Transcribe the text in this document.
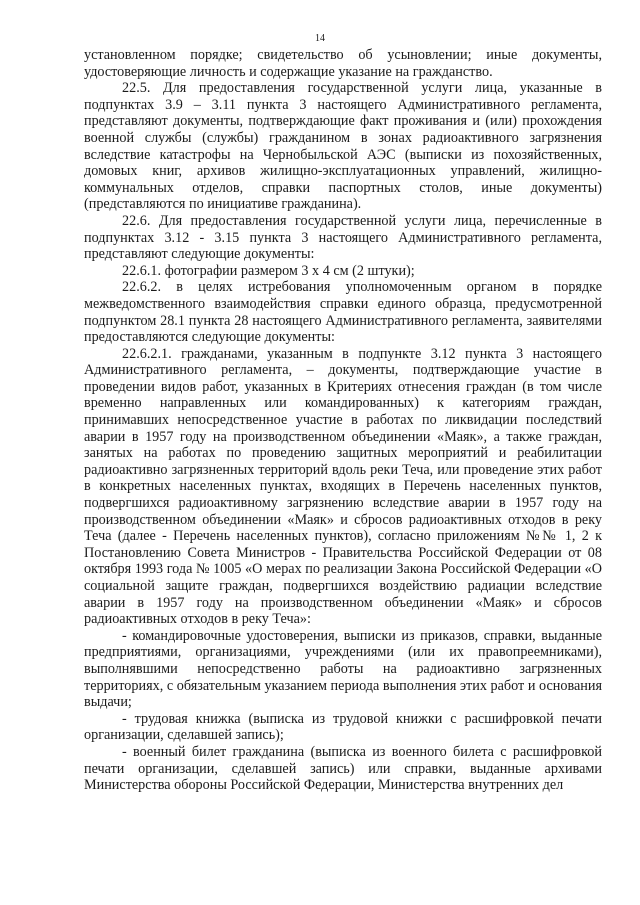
14

установленном порядке; свидетельство об усыновлении; иные документы, удостоверяющие личность и содержащие указание на гражданство.

22.5. Для предоставления государственной услуги лица, указанные в подпунктах 3.9 – 3.11 пункта 3 настоящего Административного регламента, представляют документы, подтверждающие факт проживания и (или) прохождения военной службы (службы) гражданином в зонах радиоактивного загрязнения вследствие катастрофы на Чернобыльской АЭС (выписки из похозяйственных, домовых книг, архивов жилищно-эксплуатационных управлений, жилищно-коммунальных отделов, справки паспортных столов, иные документы) (представляются по инициативе гражданина).

22.6. Для предоставления государственной услуги лица, перечисленные в подпунктах 3.12 - 3.15 пункта 3 настоящего Административного регламента, представляют следующие документы:

22.6.1. фотографии размером 3 х 4 см (2 штуки);

22.6.2. в целях истребования уполномоченным органом в порядке межведомственного взаимодействия справки единого образца, предусмотренной подпунктом 28.1 пункта 28 настоящего Административного регламента, заявителями предоставляются следующие документы:

22.6.2.1. гражданами, указанным в подпункте 3.12 пункта 3 настоящего Административного регламента, – документы, подтверждающие участие в проведении видов работ, указанных в Критериях отнесения граждан (в том числе временно направленных или командированных) к категориям граждан, принимавших непосредственное участие в работах по ликвидации последствий аварии в 1957 году на производственном объединении «Маяк», а также граждан, занятых на работах по проведению защитных мероприятий и реабилитации радиоактивно загрязненных территорий вдоль реки Теча, или проведение этих работ в конкретных населенных пунктах, входящих в Перечень населенных пунктов, подвергшихся радиоактивному загрязнению вследствие аварии в 1957 году на производственном объединении «Маяк» и сбросов радиоактивных отходов в реку Теча (далее - Перечень населенных пунктов), согласно приложениям №№ 1, 2 к Постановлению Совета Министров - Правительства Российской Федерации от 08 октября 1993 года № 1005 «О мерах по реализации Закона Российской Федерации «О социальной защите граждан, подвергшихся воздействию радиации вследствие аварии в 1957 году на производственном объединении «Маяк» и сбросов радиоактивных отходов в реку Теча»:

- командировочные удостоверения, выписки из приказов, справки, выданные предприятиями, организациями, учреждениями (или их правопреемниками), выполнявшими непосредственно работы на радиоактивно загрязненных территориях, с обязательным указанием периода выполнения этих работ и основания выдачи;

- трудовая книжка (выписка из трудовой книжки с расшифровкой печати организации, сделавшей запись);

- военный билет гражданина (выписка из военного билета с расшифровкой печати организации, сделавшей запись) или справки, выданные архивами Министерства обороны Российской Федерации, Министерства внутренних дел
